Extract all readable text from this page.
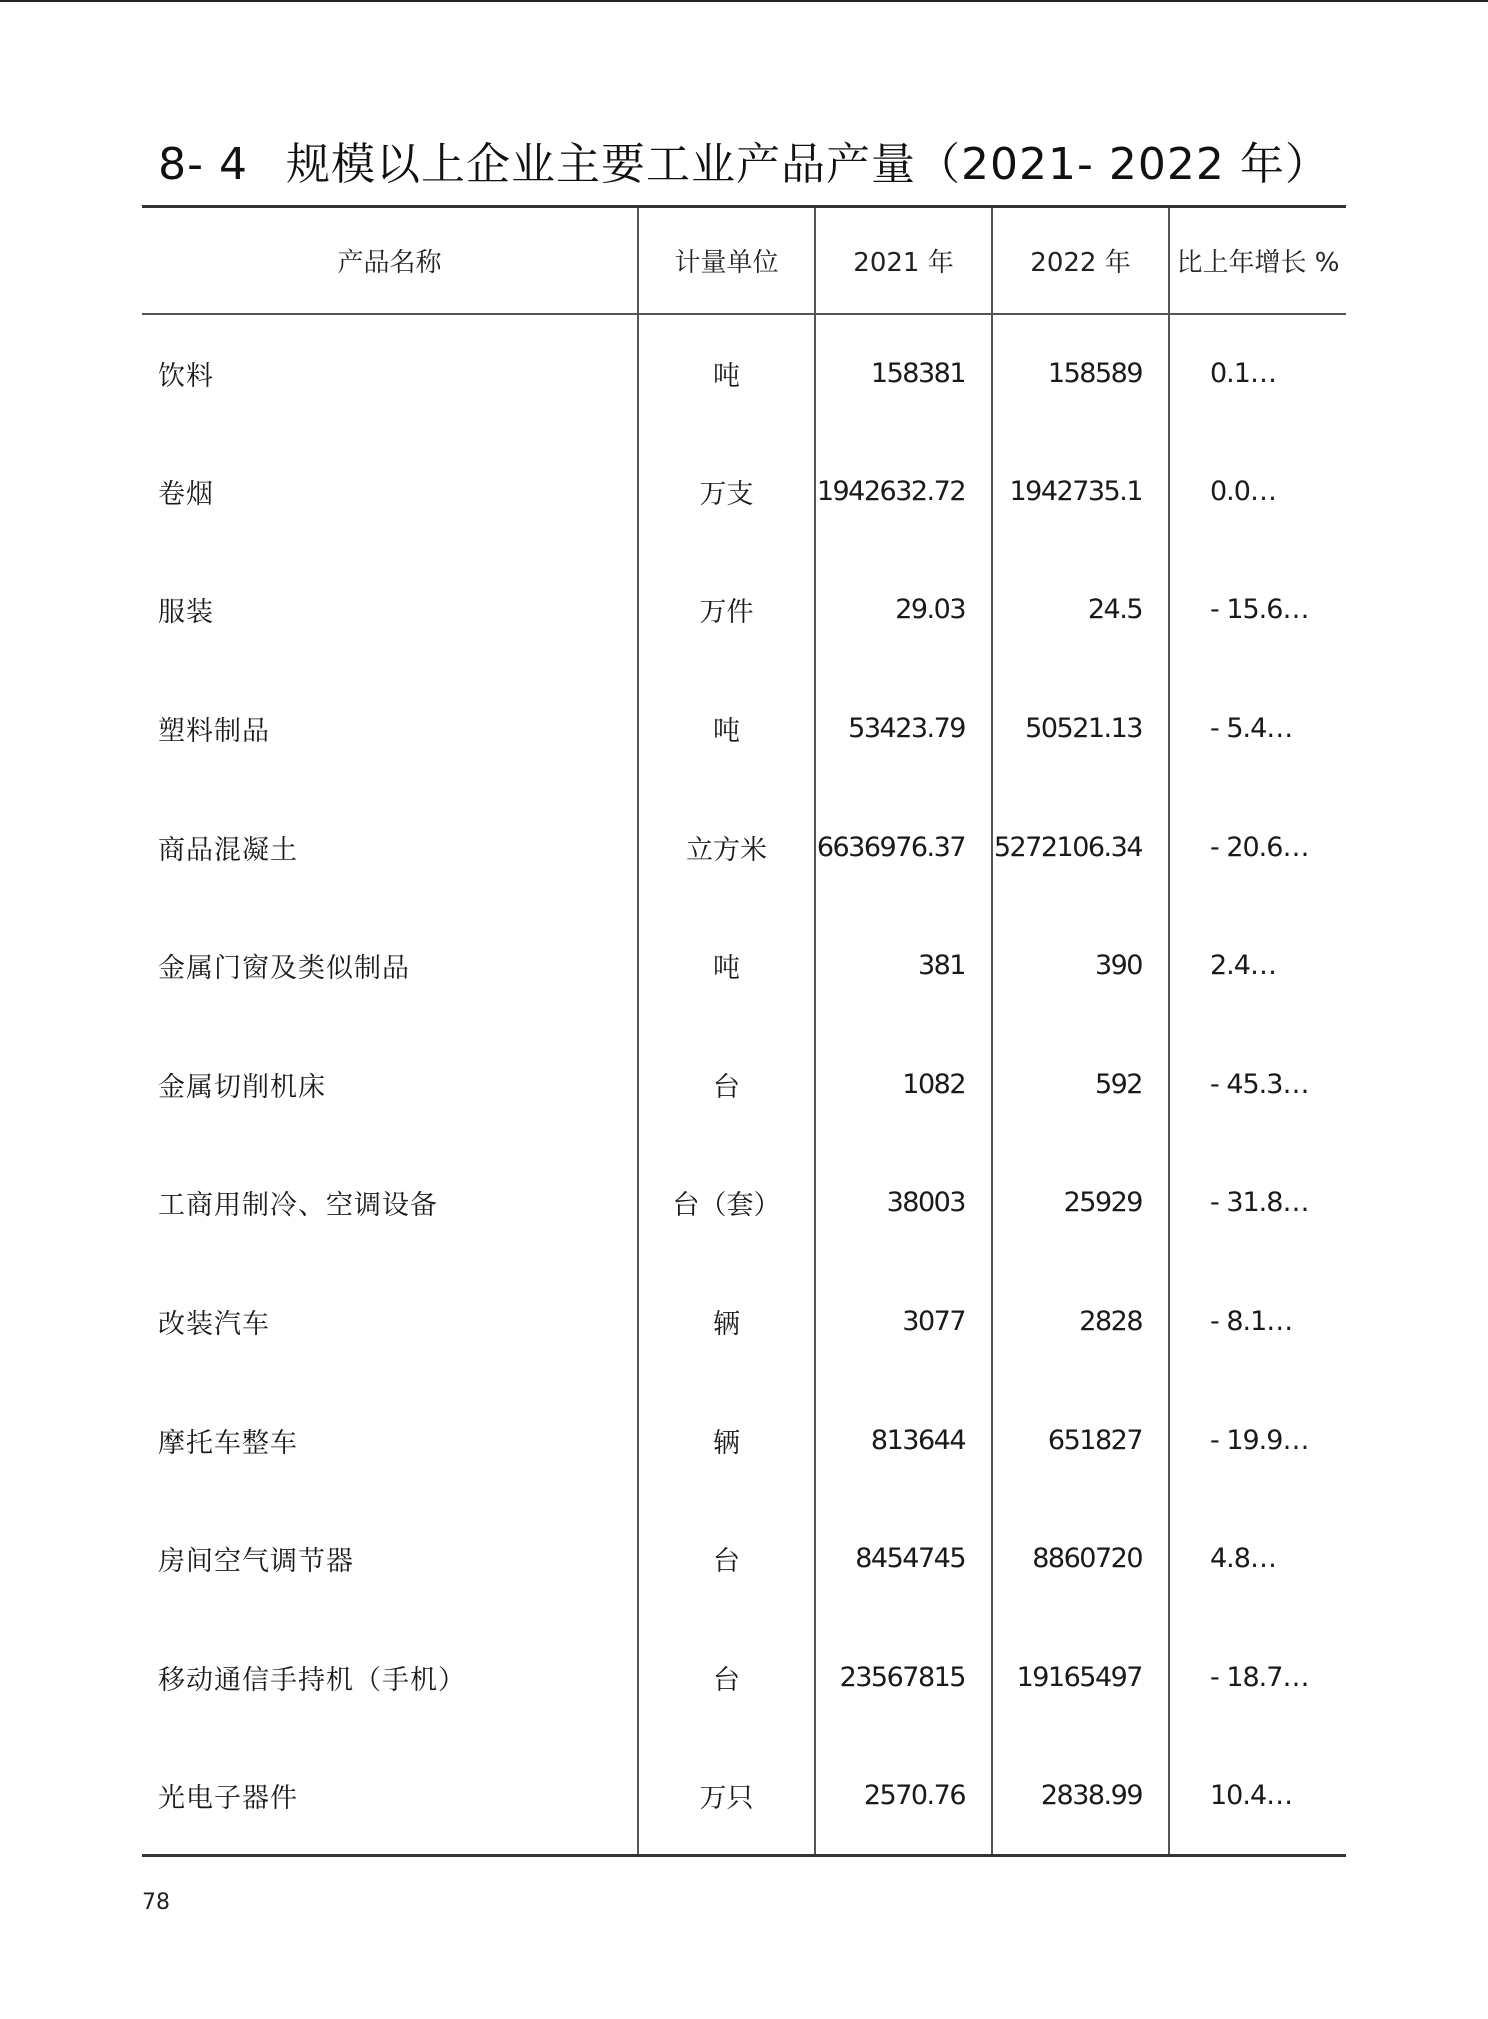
8- 4 规模以上企业主要工业产品产量（2021- 2022 年）
产品名称	计量单位	2021 年	2022 年	比上年增长 %
饮料	吨	158381	158589	0.1…
卷烟	万支	1942632.72	1942735.1	0.0…
服装	万件	29.03	24.5	- 15.6…
塑料制品	吨	53423.79	50521.13	- 5.4…
商品混凝土	立方米	6636976.37	5272106.34	- 20.6…
金属门窗及类似制品	吨	381	390	2.4…
金属切削机床	台	1082	592	- 45.3…
工商用制冷、空调设备	台（套）	38003	25929	- 31.8…
改装汽车	辆	3077	2828	- 8.1…
摩托车整车	辆	813644	651827	- 19.9…
房间空气调节器	台	8454745	8860720	4.8…
移动通信手持机（手机）	台	23567815	19165497	- 18.7…
光电子器件	万只	2570.76	2838.99	10.4…
78
